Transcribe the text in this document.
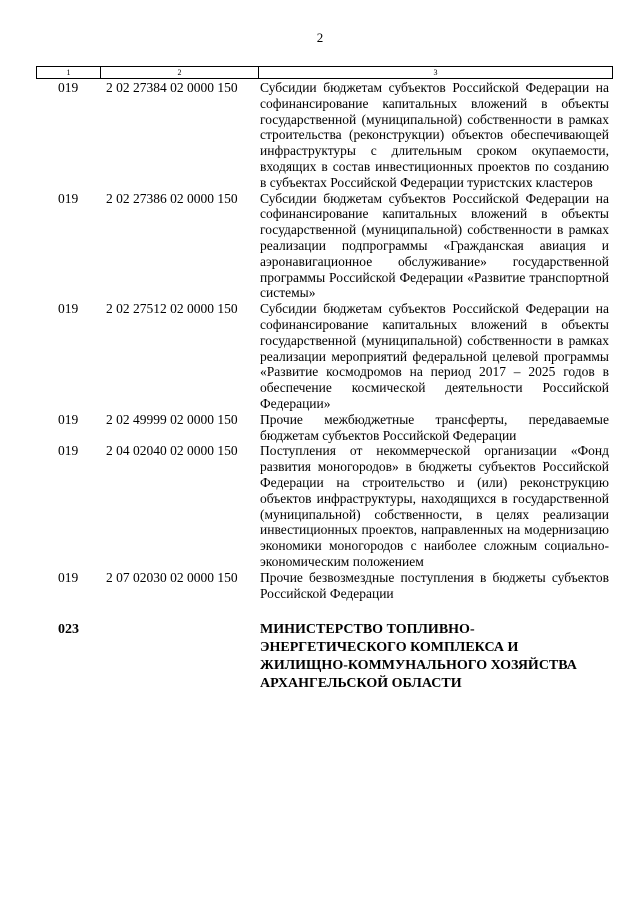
2
1	2	3
019	2 02 27384 02 0000 150	Субсидии бюджетам субъектов Российской Федерации на софинансирование капитальных вложений в объекты государственной (муниципальной) собственности в рамках строительства (реконструкции) объектов обеспечивающей инфраструктуры с длительным сроком окупаемости, входящих в состав инвестиционных проектов по созданию в субъектах Российской Федерации туристских кластеров
019	2 02 27386 02 0000 150	Субсидии бюджетам субъектов Российской Федерации на софинансирование капитальных вложений в объекты государственной (муниципальной) собственности в рамках реализации подпрограммы «Гражданская авиация и аэронавигационное обслуживание» государственной программы Российской Федерации «Развитие транспортной системы»
019	2 02 27512 02 0000 150	Субсидии бюджетам субъектов Российской Федерации на софинансирование капитальных вложений в объекты государственной (муниципальной) собственности в рамках реализации мероприятий федеральной целевой программы «Развитие космодромов на период 2017 – 2025 годов в обеспечение космической деятельности Российской Федерации»
019	2 02 49999 02 0000 150	Прочие межбюджетные трансферты, передаваемые бюджетам субъектов Российской Федерации
019	2 04 02040 02 0000 150	Поступления от некоммерческой организации «Фонд развития моногородов» в бюджеты субъектов Российской Федерации на строительство и (или) реконструкцию объектов инфраструктуры, находящихся в государственной (муниципальной) собственности, в целях реализации инвестиционных проектов, направленных на модернизацию экономики моногородов с наиболее сложным социально-экономическим положением
019	2 07 02030 02 0000 150	Прочие безвозмездные поступления в бюджеты субъектов Российской Федерации

023		МИНИСТЕРСТВО ТОПЛИВНО-ЭНЕРГЕТИЧЕСКОГО КОМПЛЕКСА И ЖИЛИЩНО-КОММУНАЛЬНОГО ХОЗЯЙСТВА АРХАНГЕЛЬСКОЙ ОБЛАСТИ
